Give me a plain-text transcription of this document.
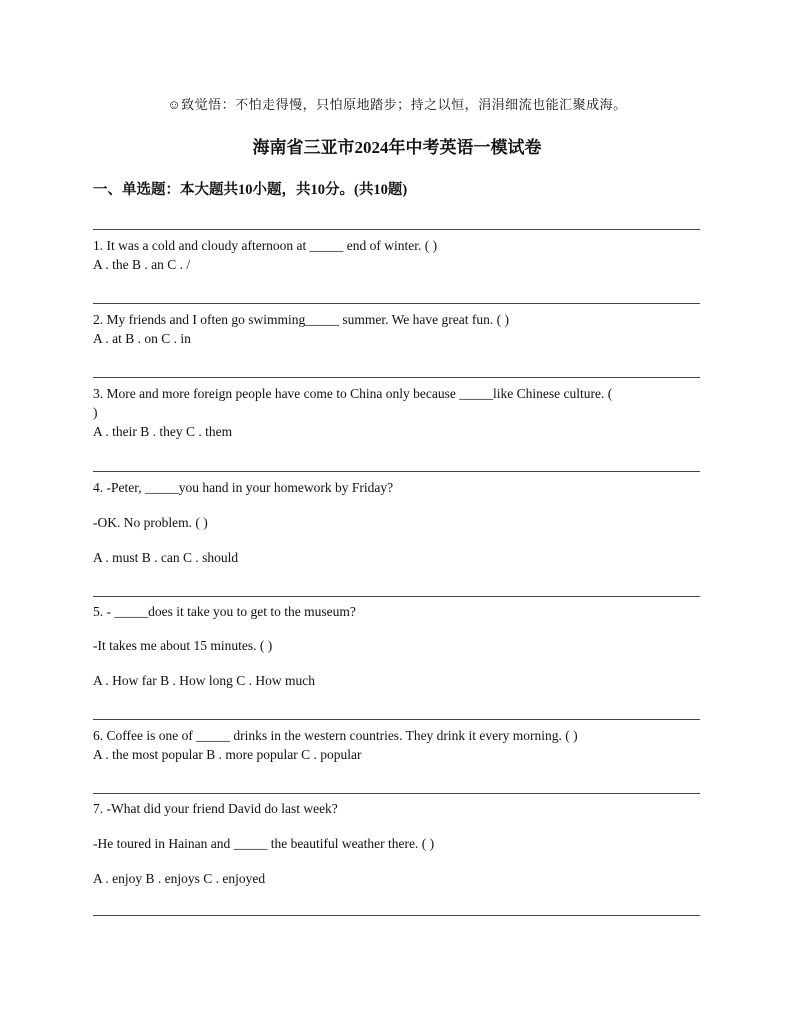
☺致觉悟：不怕走得慢，只怕原地踏步；持之以恒，涓涓细流也能汇聚成海。
海南省三亚市2024年中考英语一模试卷
一、单选题：本大题共10小题，共10分。(共10题)
1. It was a cold and cloudy afternoon at _____ end of winter. ( )
A . the B . an C . /
2. My friends and I often go swimming_____ summer. We have great fun. ( )
A . at B . on C . in
3. More and more foreign people have come to China only because _____like Chinese culture. (
)
A . their B . they C . them
4. -Peter, _____you hand in your homework by Friday?
-OK. No problem. ( )
A . must B . can C . should
5. - _____does it take you to get to the museum?
-It takes me about 15 minutes. ( )
A . How far B . How long C . How much
6. Coffee is one of _____ drinks in the western countries. They drink it every morning. ( )
A . the most popular B . more popular C . popular
7. -What did your friend David do last week?
-He toured in Hainan and _____ the beautiful weather there. ( )
A . enjoy B . enjoys C . enjoyed
